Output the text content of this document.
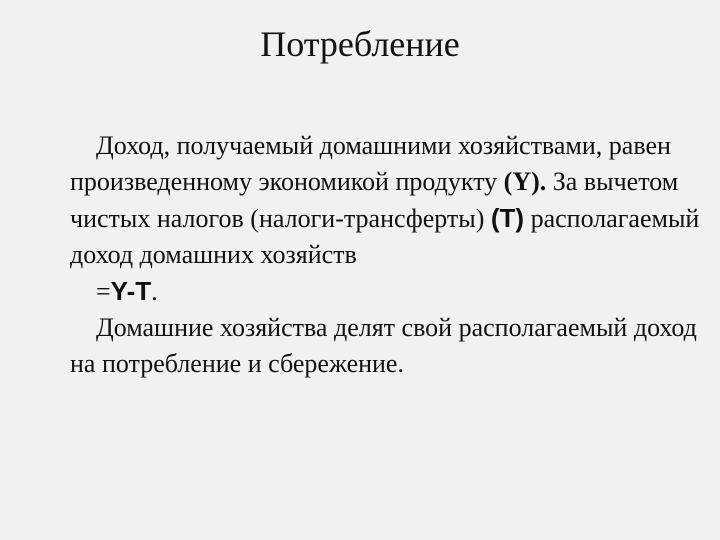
Потребление

Доход, получаемый домашними хозяйствами, равен произведенному экономикой продукту (Y). За вычетом чистых налогов (налоги-трансферты) (Т) располагаемый доход домашних хозяйств

=Y-T.

Домашние хозяйства делят свой располагаемый доход на потребление и сбережение.
